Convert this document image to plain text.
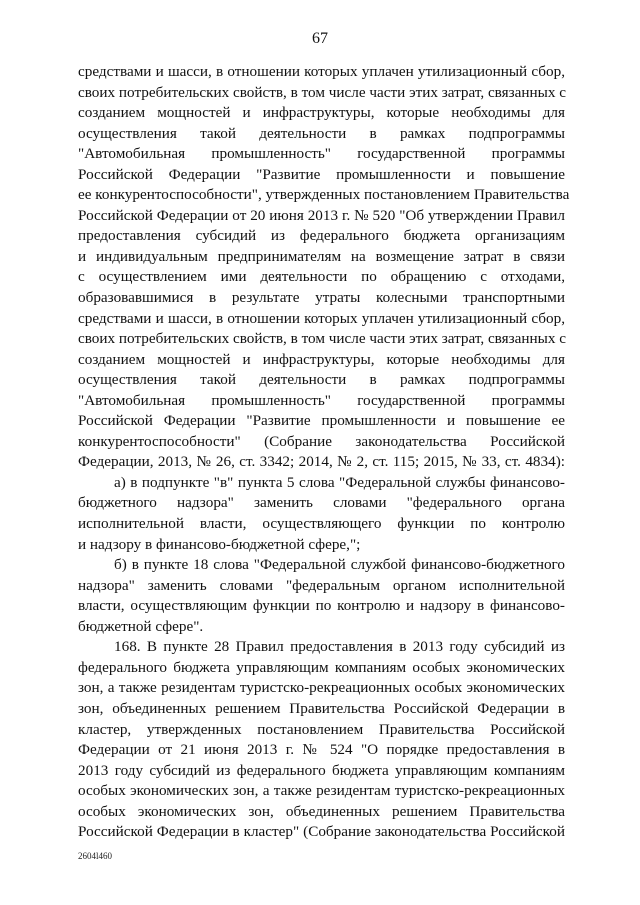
67
средствами и шасси, в отношении которых уплачен утилизационный сбор,
своих потребительских свойств, в том числе части этих затрат, связанных с
созданием мощностей и инфраструктуры, которые необходимы для
осуществления такой деятельности в рамках подпрограммы
"Автомобильная промышленность" государственной программы
Российской Федерации "Развитие промышленности и повышение
ее конкурентоспособности", утвержденных постановлением Правительства
Российской Федерации от 20 июня 2013 г. № 520 "Об утверждении Правил
предоставления субсидий из федерального бюджета организациям
и индивидуальным предпринимателям на возмещение затрат в связи
с осуществлением ими деятельности по обращению с отходами,
образовавшимися в результате утраты колесными транспортными
средствами и шасси, в отношении которых уплачен утилизационный сбор,
своих потребительских свойств, в том числе части этих затрат, связанных с
созданием мощностей и инфраструктуры, которые необходимы для
осуществления такой деятельности в рамках подпрограммы
"Автомобильная промышленность" государственной программы
Российской Федерации "Развитие промышленности и повышение ее
конкурентоспособности" (Собрание законодательства Российской
Федерации, 2013, № 26, ст. 3342; 2014, № 2, ст. 115; 2015, № 33, ст. 4834):
а) в подпункте "в" пункта 5 слова "Федеральной службы финансово-
бюджетного надзора" заменить словами "федерального органа
исполнительной власти, осуществляющего функции по контролю
и надзору в финансово-бюджетной сфере,";
б) в пункте 18 слова "Федеральной службой финансово-бюджетного
надзора" заменить словами "федеральным органом исполнительной
власти, осуществляющим функции по контролю и надзору в финансово-
бюджетной сфере".
168. В пункте 28 Правил предоставления в 2013 году субсидий из
федерального бюджета управляющим компаниям особых экономических
зон, а также резидентам туристско-рекреационных особых экономических
зон, объединенных решением Правительства Российской Федерации в
кластер, утвержденных постановлением Правительства Российской
Федерации от 21 июня 2013 г. № 524 "О порядке предоставления в
2013 году субсидий из федерального бюджета управляющим компаниям
особых экономических зон, а также резидентам туристско-рекреационных
особых экономических зон, объединенных решением Правительства
Российской Федерации в кластер" (Собрание законодательства Российской
2604l460
